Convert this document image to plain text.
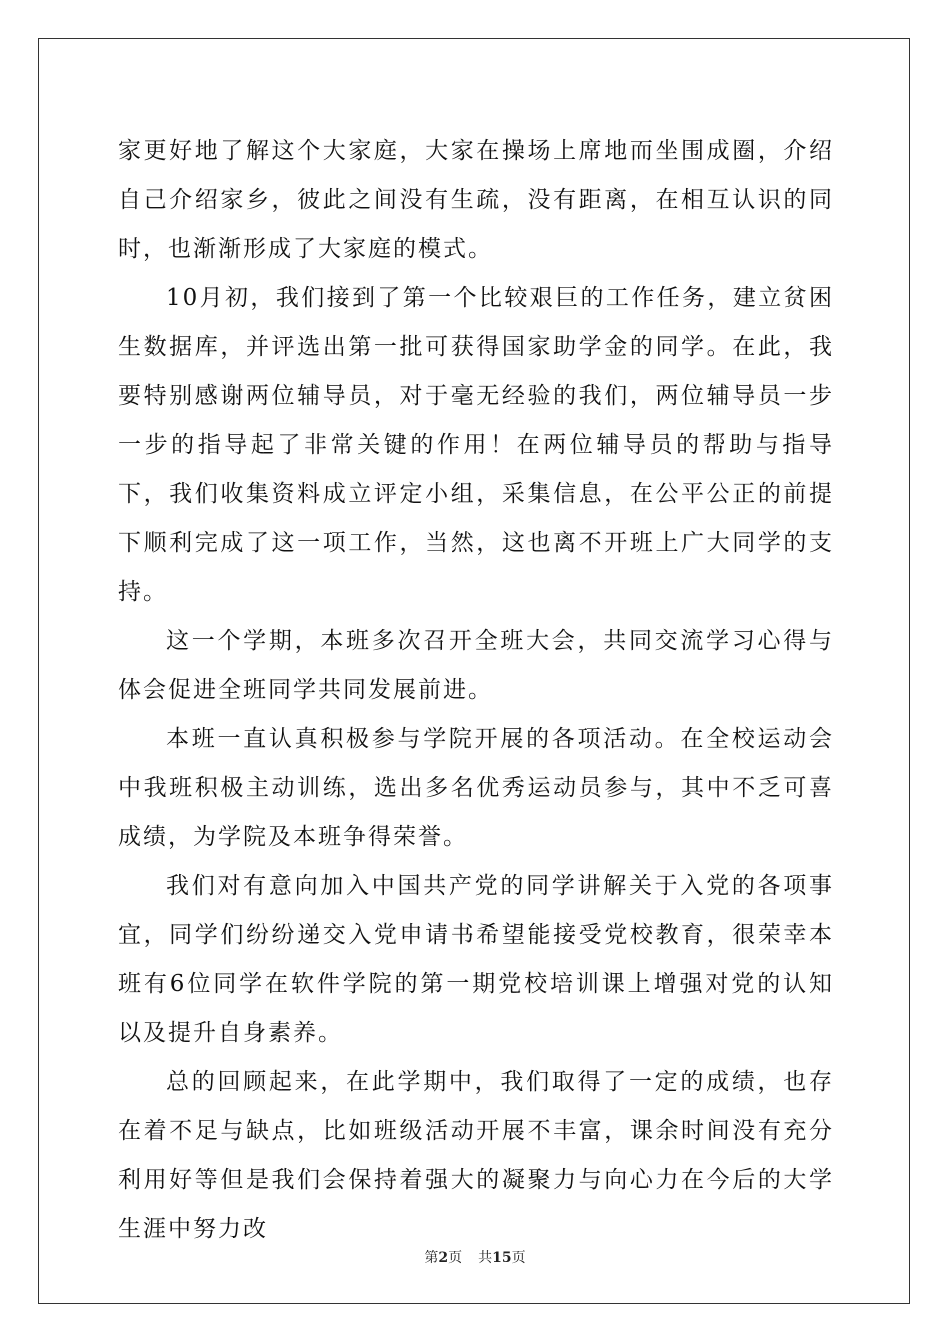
家更好地了解这个大家庭，大家在操场上席地而坐围成圈，介绍自己介绍家乡，彼此之间没有生疏，没有距离，在相互认识的同时，也渐渐形成了大家庭的模式。

10月初，我们接到了第一个比较艰巨的工作任务，建立贫困生数据库，并评选出第一批可获得国家助学金的同学。在此，我要特别感谢两位辅导员，对于毫无经验的我们，两位辅导员一步一步的指导起了非常关键的作用！在两位辅导员的帮助与指导下，我们收集资料成立评定小组，采集信息，在公平公正的前提下顺利完成了这一项工作，当然，这也离不开班上广大同学的支持。

这一个学期，本班多次召开全班大会，共同交流学习心得与体会促进全班同学共同发展前进。

本班一直认真积极参与学院开展的各项活动。在全校运动会中我班积极主动训练，选出多名优秀运动员参与，其中不乏可喜成绩，为学院及本班争得荣誉。

我们对有意向加入中国共产党的同学讲解关于入党的各项事宜，同学们纷纷递交入党申请书希望能接受党校教育，很荣幸本班有6位同学在软件学院的第一期党校培训课上增强对党的认知以及提升自身素养。

总的回顾起来，在此学期中，我们取得了一定的成绩，也存在着不足与缺点，比如班级活动开展不丰富，课余时间没有充分利用好等但是我们会保持着强大的凝聚力与向心力在今后的大学生涯中努力改

第2页 共15页
